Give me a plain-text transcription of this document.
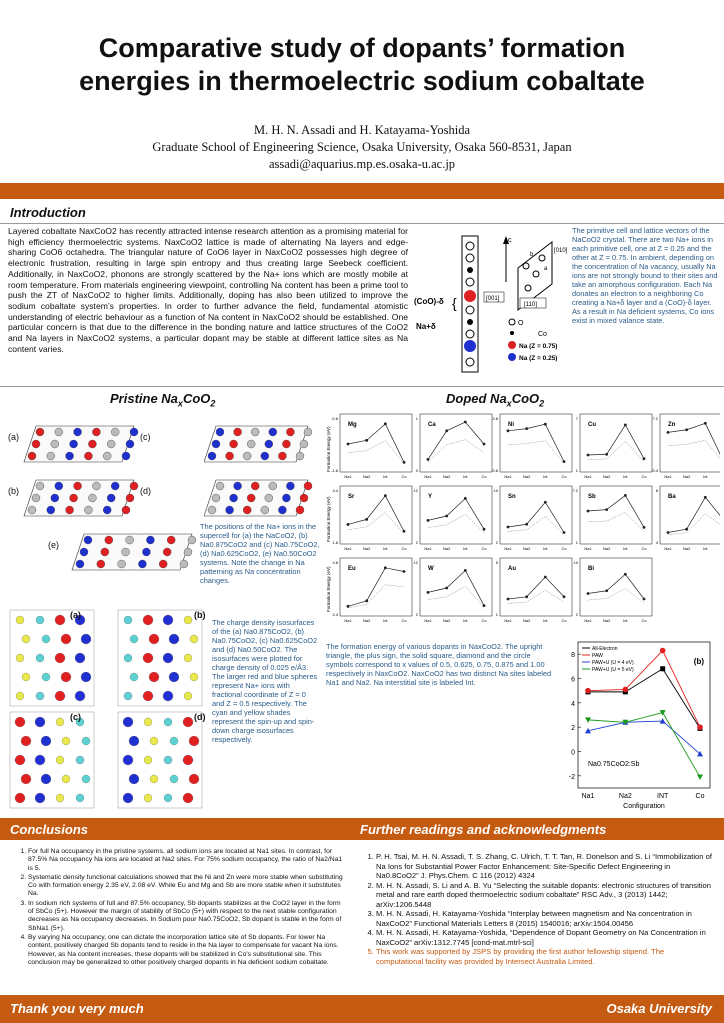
Comparative study of dopants’ formation
energies in thermoelectric sodium cobaltate
M. H. N. Assadi and H. Katayama-Yoshida
Graduate School of Engineering Science, Osaka University, Osaka 560-8531, Japan
assadi@aquarius.mp.es.osaka-u.ac.jp
Introduction
Layered cobaltate NaxCoO2 has recently attracted intense research attention as a promising material for high efficiency thermoelectric systems. NaxCoO2 lattice is made of alternating Na layers and edge-sharing CoO6 octahedra. The triangular nature of CoO6 layer in NaxCoO2 possesses high degree of electronic frustration, resulting in large spin entropy and thus creating large Seebeck coefficient. Additionally, in NaxCoO2, phonons are strongly scattered by the Na+ ions which are mostly mobile at room temperature. From materials engineering viewpoint, controlling Na content has been a prime tool to push the ZT of NaxCoO2 to higher limits. Additionally, doping has also been utilized to improve the sodium cobaltate system’s properties. In order to further advance the field, fundamental atomistic understanding of electric behaviour as a function of Na content in NaxCoO2 should be established. One particular concern is that due to the difference in the bonding nature and lattice structures of the CoO2 and Na layers in NaxCoO2 systems, a particular dopant may be stable at different lattice sites as Na content varies.
(CoO)-δ {
Na+δ
c
a
b
[010]
[001]
[110]
O
Co
Na (Z = 0.75)
Na (Z = 0.25)
The primitive cell and lattice vectors of the NaCoO2 crystal. There are two Na+ ions in each primitive cell, one at Z = 0.25 and the other at Z = 0.75. In ambient, depending on the concentration of Na vacancy, usually Na ions are not strongly bound to their sites and take an amorphous configuration. Each Na donates an electron to a neighboring Co creating a Na+δ layer and a (CoO)-δ layer. As a result in Na deficient systems, Co ions exist in mixed valance state.
Pristine $Na_xCoO_2$	Doped $Na_xCoO_2$
(a)	(c)
(b)	(d)
(e)
The positions of the Na+ ions in the supercell for (a) the NaCoO2, (b) Na0.875CoO2 and (c) Na0.75CoO2, (d) Na0.625CoO2, (e) Na0.50CoO2 systems. Note the change in Na patterning as Na concentration changes.
(a)	(b)
(c)	(d)
The charge density isosurfaces of the (a) Na0.875CoO2, (b) Na0.75CoO2, (c) Na0.625CoO2 and (d) Na0.50CoO2. The isosurfaces were plotted for charge density of 0.025 e/Å3. The larger red and blue spheres represent Na+ ions with fractional coordinate of Z = 0 and Z = 0.5 respectively. The cyan and yellow shades represent the spin-up and spin-down charge isosurfaces respectively.
Formation Energy (eV)
Formation Energy (eV)
Formation Energy (eV)
Mg
-0.6
-1.8
Na1	Na2	Int	Co
Ca
1
0
Na1	Na2	Int	Co
Ni
2.8
0.8
Na1	Na2	Int	Co
Cu
7
1
Na1	Na2	Int	Co
Zn
7.2
0.4
Na1	Na2	Int
Sr
4.4
1.8
Na1	Na2	Int	Co
Y
12
2
Na1	Na2	Int	Co
Sn
10
2
Na1	Na2	Int	Co
Sb
7.2
1
Na1	Na2	Int	Co
Ba
8
4
Na1	Na2	Int
Eu
4.8
2.4
Na1	Na2	Int	Co
W
12
2
Na1	Na2	Int	Co
Au
5
1
Na1	Na2	Int	Co
Bi
10
2
Na1	Na2	Int	Co
The formation energy of various dopants in NaxCoO2. The upright triangle, the plus sign, the solid square, diamond and the circle symbols correspond to x values of 0.5, 0.625, 0.75, 0.875 and 1.00 respectively in NaxCoO2. NaxCoO2 has two distinct Na sites labeled Na1 and Na2. Na interstitial site is labeled Int.
-2
0
2
4
6
8
Na1	Na2	INT	Co
Configuration
(b)
Na0.75CoO2:Sb
All-Electron
PAW
PAW+U (U = 4 eV)
PAW+U (U = 5 eV)
Conclusions	Further readings and acknowledgments
1. For full Na occupancy in the pristine systems, all sodium ions are located at Na1 sites. In contrast, for 87.5% Na occupancy Na ions are located at Na2 sites. For 75% sodium occupancy, the ratio of Na2/Na1 is 5.
2. Systematic density functional calculations showed that the Ni and Zn were more stable when substituting Co with formation energy 2.35 eV, 2.08 eV. While Eu and Mg and Sb are more stable when it substitutes Na.
3. In sodium rich systems of full and 87.5% occupancy, Sb dopants stabilizes at the CoO2 layer in the form of SbCo (5+). However the margin of stability of SbCo (5+) with respect to the next stable configuration decreases as Na occupancy decreases. In Sodium pour Na0.75CoO2, Sb dopant is stable in the form of SbNa1 (5+).
4. By varying Na occupancy, one can dictate the incorporation lattice site of Sb dopants. For lower Na content, positively charged Sb dopants tend to reside in the Na layer to compensate for vacant Na ions. However, as Na content increases, these dopants will be stabilized in Co's substitutional site. This conclusion may be generalized to other positively charged dopants in Na deficient sodium cobaltate.
1. P. H. Tsai, M. H. N. Assadi, T. S. Zhang, C. Ulrich, T. T. Tan, R. Donelson and S. Li “Immobilization of Na Ions for Substantial Power Factor Enhancement: Site-Specific Defect Engineering in Na0.8CoO2” J. Phys.Chem. C 116 (2012) 4324
2. M. H. N. Assadi, S. Li and A. B. Yu “Selecting the suitable dopants: electronic structures of transition metal and rare earth doped thermoelectric sodium cobaltate” RSC Adv., 3 (2013) 1442; arXiv:1206.5448
3. M. H. N. Assadi, H. Katayama-Yoshida “Interplay between magnetism and Na concentration in NaxCoO2” Functional Materials Letters 8 (2015) 1540016; arXiv:1504.00456
4. M. H. N. Assadi, H. Katayama-Yoshida, “Dependence of Dopant Geometry on Na Concentration in NaxCoO2” arXiv:1312.7745 [cond-mat.mtrl-sci]
5. This work was supported by JSPS by providing the first author fellowship stipend. The computational facility was provided by Intersect Australia Limited.
Thank you very much	Osaka University
